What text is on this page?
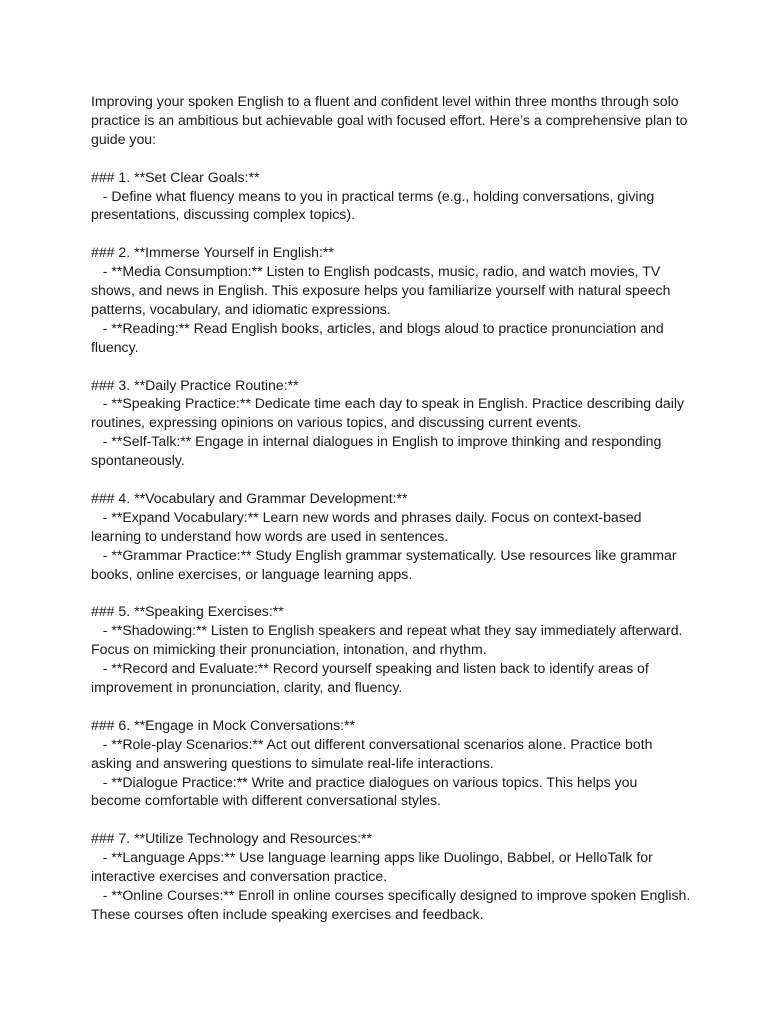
Improving your spoken English to a fluent and confident level within three months through solo practice is an ambitious but achievable goal with focused effort. Here’s a comprehensive plan to guide you:

### 1. **Set Clear Goals:**

- Define what fluency means to you in practical terms (e.g., holding conversations, giving presentations, discussing complex topics).

### 2. **Immerse Yourself in English:**

- **Media Consumption:** Listen to English podcasts, music, radio, and watch movies, TV shows, and news in English. This exposure helps you familiarize yourself with natural speech patterns, vocabulary, and idiomatic expressions.

- **Reading:** Read English books, articles, and blogs aloud to practice pronunciation and fluency.

### 3. **Daily Practice Routine:**

- **Speaking Practice:** Dedicate time each day to speak in English. Practice describing daily routines, expressing opinions on various topics, and discussing current events.

- **Self-Talk:** Engage in internal dialogues in English to improve thinking and responding spontaneously.

### 4. **Vocabulary and Grammar Development:**

- **Expand Vocabulary:** Learn new words and phrases daily. Focus on context-based learning to understand how words are used in sentences.

- **Grammar Practice:** Study English grammar systematically. Use resources like grammar books, online exercises, or language learning apps.

### 5. **Speaking Exercises:**

- **Shadowing:** Listen to English speakers and repeat what they say immediately afterward. Focus on mimicking their pronunciation, intonation, and rhythm.

- **Record and Evaluate:** Record yourself speaking and listen back to identify areas of improvement in pronunciation, clarity, and fluency.

### 6. **Engage in Mock Conversations:**

- **Role-play Scenarios:** Act out different conversational scenarios alone. Practice both asking and answering questions to simulate real-life interactions.

- **Dialogue Practice:** Write and practice dialogues on various topics. This helps you become comfortable with different conversational styles.

### 7. **Utilize Technology and Resources:**

- **Language Apps:** Use language learning apps like Duolingo, Babbel, or HelloTalk for interactive exercises and conversation practice.

- **Online Courses:** Enroll in online courses specifically designed to improve spoken English. These courses often include speaking exercises and feedback.
